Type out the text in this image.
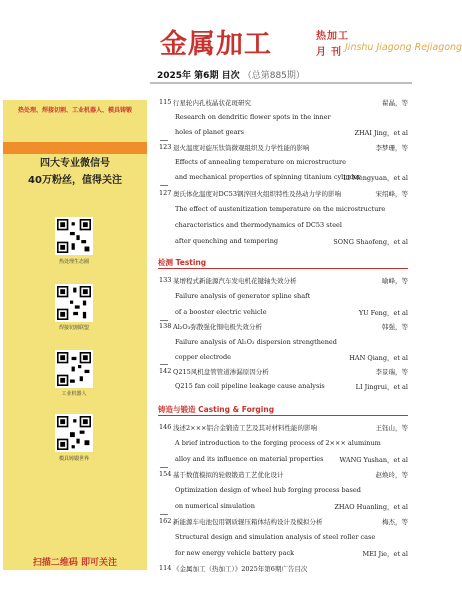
金属加工	热加工
月刊 Jinshu Jiagong Rejiagong
2025年 第6期 目次 （总第885期）
热处理、焊接切割、工业机器人、模具铸锻
四大专业微信号
40万粉丝，值得关注
热处理生态圈
焊接切割联盟
工业机器人
模具铸锻世界
扫描二维码 即可关注
115 行星轮内孔枝晶状花斑研究	翟晶，等
Research on dendritic flower spots in the inner
holes of planet gears	ZHAI Jing，et al
123 退火温度对旋压钛筒微观组织及力学性能的影响	李梦珊，等
Effects of annealing temperature on microstructure
and mechanical properties of spinning titanium cylinder
LI Mengyuan，et al
127 奥氏体化温度对DC53钢淬回火组织特性及热动力学的影响	宋绍峰，等
The effect of austenitization temperature on the microstructure
characteristics and thermodynamics of DC53 steel
after quenching and tempering	SONG Shaofeng，et al
检测 Testing
133 某增程式新能源汽车发电机花键轴失效分析	喻峰，等
Failure analysis of generator spline shaft
of a booster electric vehicle	YU Feng，et al
138 Al₂O₃弥散强化铜电极失效分析	韩强，等
Failure analysis of Al₂O₃ dispersion strengthened
copper electrode	HAN Qiang，et al
142 Q215风机盘管管道渗漏原因分析	李景瑞，等
Q215 fan coil pipeline leakage cause analysis	LI Jingrui，et al
铸造与锻造 Casting & Forging
146 浅述2×××铝合金锻造工艺及其对材料性能的影响	王钰山，等
A brief introduction to the forging process of 2××× aluminum
alloy and its influence on material properties	WANG Yushan，et al
154 基于数值模拟的轮毂锻造工艺优化设计	赵焕玲，等
Optimization design of wheel hub forging process based
on numerical simulation	ZHAO Huanling，et al
162 新能源车电池包用钢质辊压箱体结构设计及模拟分析	梅杰，等
Structural design and simulation analysis of steel roller case
for new energy vehicle battery pack	MEI Jie，et al
114 《金属加工（热加工）》2025年第6期广告目次
